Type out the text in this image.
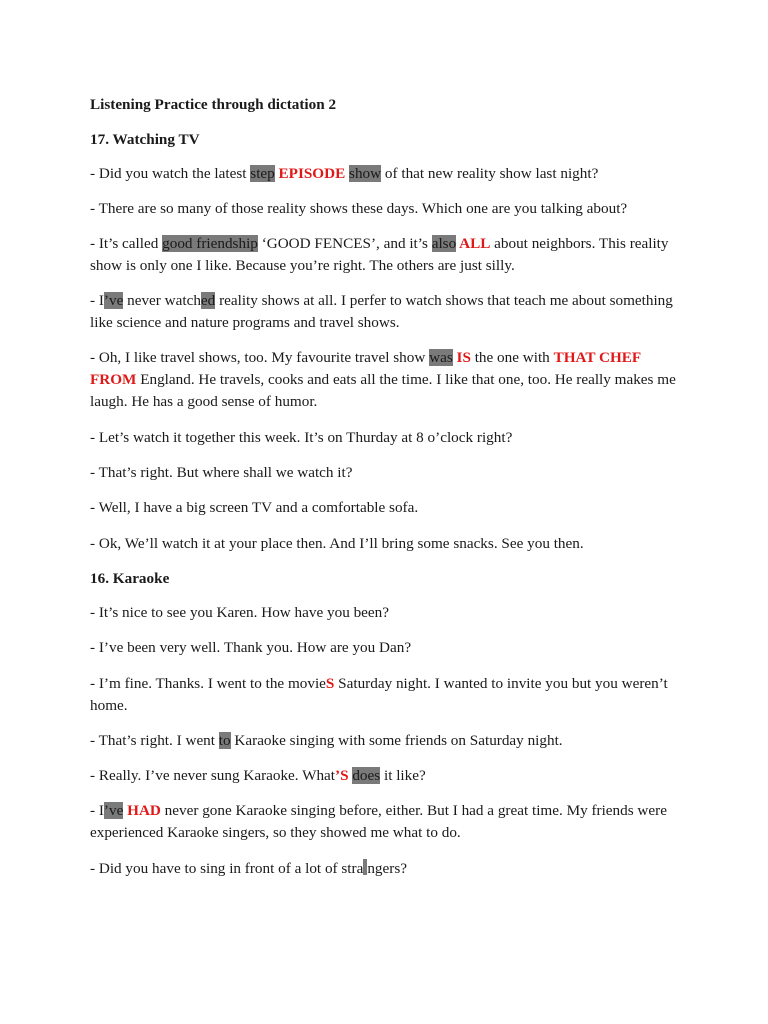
Listening Practice through dictation 2

17. Watching TV

- Did you watch the latest step EPISODE show of that new reality show last night?

- There are so many of those reality shows these days. Which one are you talking about?

- It’s called good friendship ‘GOOD FENCES’, and it’s also ALL about neighbors. This reality show is only one I like. Because you’re right. The others are just silly.

- I’ve never watched reality shows at all. I perfer to watch shows that teach me about something like science and nature programs and travel shows.

- Oh, I like travel shows, too. My favourite travel show was IS the one with THAT CHEF FROM England. He travels, cooks and eats all the time. I like that one, too. He really makes me laugh. He has a good sense of humor.

- Let’s watch it together this week. It’s on Thurday at 8 o’clock right?

- That’s right. But where shall we watch it?

- Well, I have a big screen TV and a comfortable sofa.

- Ok, We’ll watch it at your place then. And I’ll bring some snacks. See you then.

16. Karaoke

- It’s nice to see you Karen. How have you been?

- I’ve been very well. Thank you. How are you Dan?

- I’m fine. Thanks. I went to the movieS Saturday night. I wanted to invite you but you weren’t home.

- That’s right. I went to Karaoke singing with some friends on Saturday night.

- Really. I’ve never sung Karaoke. What’S does it like?

- I’ve HAD never gone Karaoke singing before, either. But I had a great time. My friends were experienced Karaoke singers, so they showed me what to do.

- Did you have to sing in front of a lot of stra ngers?
